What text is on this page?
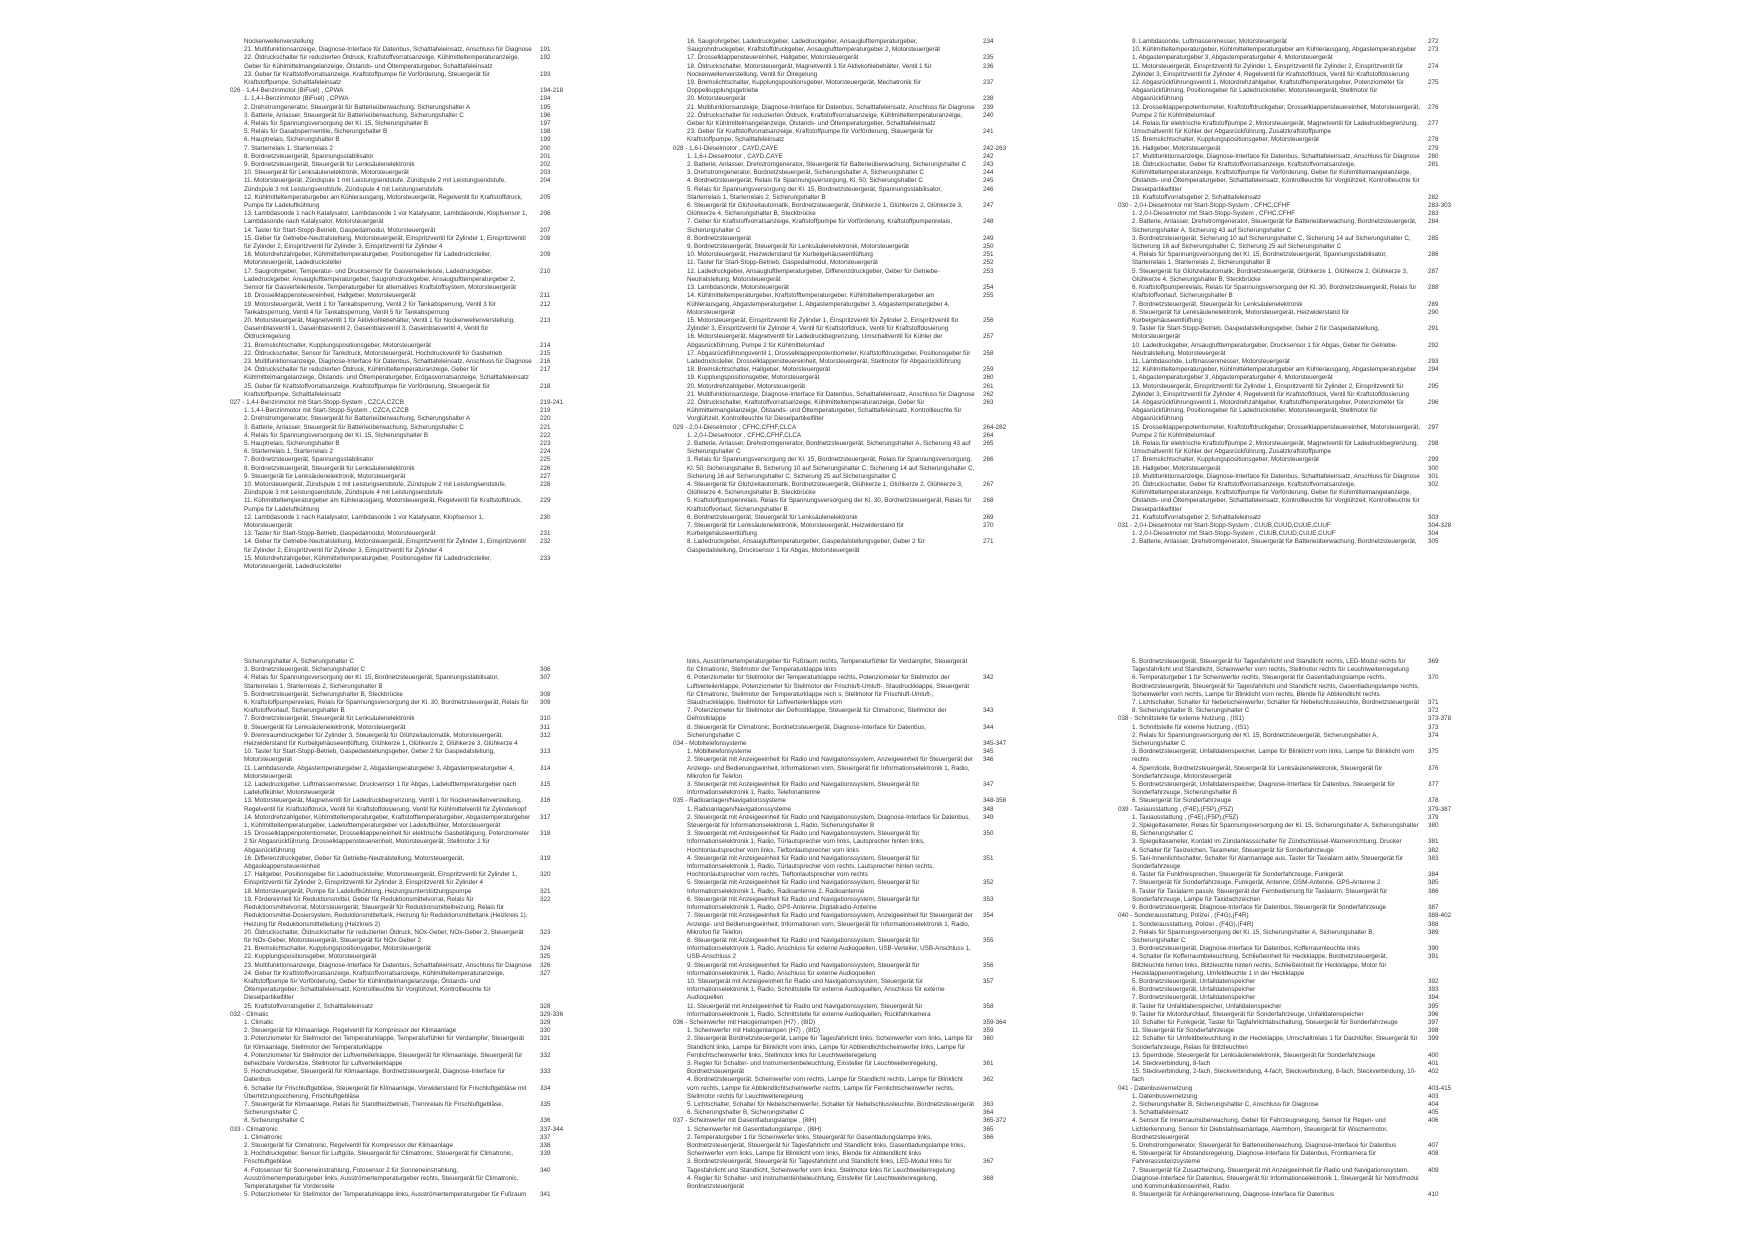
Nockenwellenverstellung
21. Multifunktionsanzeige, Diagnose-Interface für Datenbus, Schalttafeleinsatz, Anschluss für Diagnose 191
22. Öldruckschalter für reduzierten Öldruck, Kraftstoffvorratsanzeige, Kühlmitteltemperaturanzeige, Geber für Kühlmittelmangelanzeige, Ölstands- und Öltemperaturgeber, Schalttafeleinsatz
192
23. Geber für Kraftstoffvorratsanzeige, Kraftstoffpumpe für Vorförderung, Steuergerät für Kraftstoffpumpe, Schalttafeleinsatz
193
026 - 1,4-l-Benzinmotor (BiFuel) , CPWA	194-218
1. 1,4-l-Benzinmotor (BiFuel) , CPWA	194
2. Drehstromgenerator, Steuergerät für Batterieüberwachung, Sicherungshalter A	195
3. Batterie, Anlasser, Steuergerät für Batterieüberwachung, Sicherungshalter C	196
4. Relais für Spannungsversorgung der Kl. 15, Sicherungshalter B	197
5. Relais für Gasabsperrventile, Sicherungshalter B	198
6. Hauptrelais, Sicherungshalter B	199
7. Starterrelais 1, Starterrelais 2	200
8. Bordnetzsteuergerät, Spannungsstabilisator	201
9. Bordnetzsteuergerät, Steuergerät für Lenksäulenelektronik	202
10. Steuergerät für Lenksäulenelektronik, Motorsteuergerät	203
11. Motorsteuergerät, Zündspule 1 mit Leistungsendstufe, Zündspule 2 mit Leistungsendstufe, Zündspule 3 mit Leistungsendstufe, Zündspule 4 mit Leistungsendstufe
204
12. Kühlmitteltemperaturgeber am Kühlerausgang, Motorsteuergerät, Regelventil für Kraftstoffdruck, Pumpe für Ladeluftkühlung
205
13. Lambdasonde 1 nach Katalysator, Lambdasonde 1 vor Katalysator, Lambdasonde, Klopfsensor 1, Lambdasonde nach Katalysator, Motorsteuergerät
206
14. Taster für Start-Stopp-Betrieb, Gaspedalmodul, Motorsteuergerät	207
15. Geber für Getriebe-Neutralstellung, Motorsteuergerät, Einspritzventil für Zylinder 1, Einspritzventil für Zylinder 2, Einspritzventil für Zylinder 3, Einspritzventil für Zylinder 4
208
16. Motordrehzahlgeber, Kühlmitteltemperaturgeber, Positionsgeber für Ladedrucksteller, Motorsteuergerät, Ladedrucksteller
209
17. Saugrohrgeber, Temperatur- und Drucksensor für Gasverteilerleiste, Ladedruckgeber, Ladedruckgeber, Ansauglufttemperaturgeber, Saugrohrdruckgeber, Ansauglufttemperaturgeber 2, Sensor für Gasverteilerleiste, Temperaturgeber für alternatives Kraftstoffsystem, Motorsteuergerät
210
18. Drosselklappensteuereinheit, Hallgeber, Motorsteuergerät	211
19. Motorsteuergerät, Ventil 1 für Tankabsperrung, Ventil 2 für Tankabsperrung, Ventil 3 für Tankabsperrung, Ventil 4 für Tankabsperrung, Ventil 5 für Tankabsperrung
212
20. Motorsteuergerät, Magnetventil 1 für Aktivkohlebehälter, Ventil 1 für Nockenwellenverstellung, Gaseinblasventil 1, Gaseinblasventil 2, Gaseinblasventil 3, Gaseinblasventil 4, Ventil für Öldruckregelung
213
21. Bremslichtschalter, Kupplungspositionsgeber, Motorsteuergerät	214
22. Öldruckschalter, Sensor für Tankdruck, Motorsteuergerät, Hochdruckventil für Gasbetrieb	215
23. Multifunktionsanzeige, Diagnose-Interface für Datenbus, Schalttafeleinsatz, Anschluss für Diagnose 216
24. Öldruckschalter für reduzierten Öldruck, Kühlmitteltemperaturanzeige, Geber für Kühlmittelmangelanzeige, Ölstands- und Öltemperaturgeber, Erdgasvorratsanzeige, Schalttafeleinsatz
217
25. Geber für Kraftstoffvorratsanzeige, Kraftstoffpumpe für Vorförderung, Steuergerät für Kraftstoffpumpe, Schalttafeleinsatz
218
027 - 1,4-l-Benzinmotor mit Start-Stopp-System , CZCA,CZCB	219-241
1. 1,4-l-Benzinmotor mit Start-Stopp-System , CZCA,CZCB	219
2. Drehstromgenerator, Steuergerät für Batterieüberwachung, Sicherungshalter A	220
3. Batterie, Anlasser, Steuergerät für Batterieüberwachung, Sicherungshalter C	221
4. Relais für Spannungsversorgung der Kl. 15, Sicherungshalter B	222
5. Hauptrelais, Sicherungshalter B	223
6. Starterrelais 1, Starterrelais 2	224
7. Bordnetzsteuergerät, Spannungsstabilisator	225
8. Bordnetzsteuergerät, Steuergerät für Lenksäulenelektronik	226
9. Steuergerät für Lenksäulenelektronik, Motorsteuergerät	227
10. Motorsteuergerät, Zündspule 1 mit Leistungsendstufe, Zündspule 2 mit Leistungsendstufe, Zündspule 3 mit Leistungsendstufe, Zündspule 4 mit Leistungsendstufe
228
11. Kühlmitteltemperaturgeber am Kühlerausgang, Motorsteuergerät, Regelventil für Kraftstoffdruck, Pumpe für Ladeluftkühlung
229
12. Lambdasonde 1 nach Katalysator, Lambdasonde 1 vor Katalysator, Klopfsensor 1, Motorsteuergerät
230
13. Taster für Start-Stopp-Betrieb, Gaspedalmodul, Motorsteuergerät	231
14. Geber für Getriebe-Neutralstellung, Motorsteuergerät, Einspritzventil für Zylinder 1, Einspritzventil für Zylinder 2, Einspritzventil für Zylinder 3, Einspritzventil für Zylinder 4
232
15. Motordrehzahlgeber, Kühlmitteltemperaturgeber, Positionsgeber für Ladedrucksteller, Motorsteuergerät, Ladedrucksteller
233
16. Saugrohrgeber, Ladedruckgeber, Ladedruckgeber, Ansauglufttemperaturgeber, Saugrohrdruckgeber, Kraftstoffdruckgeber, Ansauglufttemperaturgeber 2, Motorsteuergerät
234
17. Drosselklappensteuereinheit, Hallgeber, Motorsteuergerät	235
18. Öldruckschalter, Motorsteuergerät, Magnetventil 1 für Aktivkohlebehälter, Ventil 1 für Nockenwellenverstellung, Ventil für Ölregelung
236
19. Bremslichtschalter, Kupplungspositionsgeber, Motorsteuergerät, Mechatronik für Doppelkupplungsgetriebe
237
20. Motorsteuergerät	238
21. Multifunktionsanzeige, Diagnose-Interface für Datenbus, Schalttafeleinsatz, Anschluss für Diagnose 239
22. Öldruckschalter für reduzierten Öldruck, Kraftstoffvorratsanzeige, Kühlmitteltemperaturanzeige, Geber für Kühlmittelmangelanzeige, Ölstands- und Öltemperaturgeber, Schalttafeleinsatz
240
23. Geber für Kraftstoffvorratsanzeige, Kraftstoffpumpe für Vorförderung, Steuergerät für Kraftstoffpumpe, Schalttafeleinsatz
241
028 - 1,6-l-Dieselmotor , CAYD,CAYE	242-263
1. 1,6-l-Dieselmotor , CAYD,CAYE	242
2. Batterie, Anlasser, Drehstromgenerator, Steuergerät für Batterieüberwachung, Sicherungshalter C	243
3. Drehstromgenerator, Bordnetzsteuergerät, Sicherungshalter A, Sicherungshalter C	244
4. Bordnetzsteuergerät, Relais für Spannungsversorgung, Kl. 50, Sicherungshalter C	245
5. Relais für Spannungsversorgung der Kl. 15, Bordnetzsteuergerät, Spannungsstabilisator, Starterrelais 1, Starterrelais 2, Sicherungshalter B
246
6. Steuergerät für Glühzeitautomatik, Bordnetzsteuergerät, Glühkerze 1, Glühkerze 2, Glühkerze 3, Glühkerze 4, Sicherungshalter B, Steckbrücke
247
7. Geber für Kraftstoffvorratsanzeige, Kraftstoffpumpe für Vorförderung, Kraftstoffpumpenrelais, Sicherungshalter C
248
8. Bordnetzsteuergerät	249
9. Bordnetzsteuergerät, Steuergerät für Lenksäulenelektronik, Motorsteuergerät	250
10. Motorsteuergerät, Heizwiderstand für Kurbelgehäuseentlüftung	251
11. Taster für Start-Stopp-Betrieb, Gaspedalmodul, Motorsteuergerät	252
12. Ladedruckgeber, Ansauglufttemperaturgeber, Differenzdruckgeber, Geber für Getriebe-Neutralstellung, Motorsteuergerät
253
13. Lambdasonde, Motorsteuergerät	254
14. Kühlmitteltemperaturgeber, Kraftstofftemperaturgeber, Kühlmitteltemperaturgeber am Kühlerausgang, Abgastemperaturgeber 1, Abgastemperaturgeber 3, Abgastemperaturgeber 4, Motorsteuergerät
255
15. Motorsteuergerät, Einspritzventil für Zylinder 1, Einspritzventil für Zylinder 2, Einspritzventil für Zylinder 3, Einspritzventil für Zylinder 4, Ventil für Kraftstoffdruck, Ventil für Kraftstoffdosierung
256
16. Motorsteuergerät, Magnetventil für Ladedruckbegrenzung, Umschaltventil für Kühler der Abgasrückführung, Pumpe 2 für Kühlmittelumlauf
257
17. Abgasrückführungsventil 1, Drosselklappenpotentiometer, Kraftstoffdruckgeber, Positionsgeber für Ladedrucksteller, Drosselklappensteuereinheit, Motorsteuergerät, Stellmotor für Abgasrückführung
258
18. Bremslichtschalter, Hallgeber, Motorsteuergerät	259
19. Kupplungspositionsgeber, Motorsteuergerät	260
20. Motordrehzahlgeber, Motorsteuergerät	261
21. Multifunktionsanzeige, Diagnose-Interface für Datenbus, Schalttafeleinsatz, Anschluss für Diagnose 262
22. Öldruckschalter, Kraftstoffvorratsanzeige, Kühlmitteltemperaturanzeige, Geber für Kühlmittelmangelanzeige, Ölstands- und Öltemperaturgeber, Schalttafeleinsatz, Kontrollleuchte für Vorglühzeit, Kontrollleuchte für Dieselpartikelfilter
263
029 - 2,0-l-Dieselmotor , CFHC,CFHF,CLCA	264-282
1. 2,0-l-Dieselmotor , CFHC,CFHF,CLCA	264
2. Batterie, Anlasser, Drehstromgenerator, Bordnetzsteuergerät, Sicherungshalter A, Sicherung 43 auf Sicherungshalter C
265
3. Relais für Spannungsversorgung der Kl. 15, Bordnetzsteuergerät, Relais für Spannungsversorgung, Kl. 50, Sicherungshalter B, Sicherung 10 auf Sicherungshalter C, Sicherung 14 auf Sicherungshalter C, Sicherung 16 auf Sicherungshalter C, Sicherung 25 auf Sicherungshalter C
266
4. Steuergerät für Glühzeitautomatik, Bordnetzsteuergerät, Glühkerze 1, Glühkerze 2, Glühkerze 3, Glühkerze 4, Sicherungshalter B, Steckbrücke
267
5. Kraftstoffpumpenrelais, Relais für Spannungsversorgung der Kl. 30, Bordnetzsteuergerät, Relais für Kraftstoffvorlauf, Sicherungshalter B
268
6. Bordnetzsteuergerät, Steuergerät für Lenksäulenelektronik	269
7. Steuergerät für Lenksäulenelektronik, Motorsteuergerät, Heizwiderstand für Kurbelgehäuseentlüftung
270
8. Ladedruckgeber, Ansauglufttemperaturgeber, Gaspedalstellungsgeber, Geber 2 für Gaspedalstellung, Drucksensor 1 für Abgas, Motorsteuergerät
271
9. Lambdasonde, Luftmassenmesser, Motorsteuergerät	272
10. Kühlmitteltemperaturgeber, Kühlmitteltemperaturgeber am Kühlerausgang, Abgastemperaturgeber 1, Abgastemperaturgeber 3, Abgastemperaturgeber 4, Motorsteuergerät
273
11. Motorsteuergerät, Einspritzventil für Zylinder 1, Einspritzventil für Zylinder 2, Einspritzventil für Zylinder 3, Einspritzventil für Zylinder 4, Regelventil für Kraftstoffdruck, Ventil für Kraftstoffdosierung
274
12. Abgasrückführungsventil 1, Motordrehzahlgeber, Kraftstofftemperaturgeber, Potenziometer für Abgasrückführung, Positionsgeber für Ladedrucksteller, Motorsteuergerät, Stellmotor für Abgasrückführung
275
13. Drosselklappenpotentiometer, Kraftstoffdruckgeber, Drosselklappensteuereinheit, Motorsteuergerät, Pumpe 2 für Kühlmittelumlauf
276
14. Relais für elektrische Kraftstoffpumpe 2, Motorsteuergerät, Magnetventil für Ladedruckbegrenzung, Umschaltventil für Kühler der Abgasrückführung, Zusatzkraftstoffpumpe
277
15. Bremslichtschalter, Kupplungspositionsgeber, Motorsteuergerät	278
16. Hallgeber, Motorsteuergerät	279
17. Multifunktionsanzeige, Diagnose-Interface für Datenbus, Schalttafeleinsatz, Anschluss für Diagnose 280
18. Öldruckschalter, Geber für Kraftstoffvorratsanzeige, Kraftstoffvorratsanzeige, Kühlmitteltemperaturanzeige, Kraftstoffpumpe für Vorförderung, Geber für Kühlmittelmangelanzeige, Ölstands- und Öltemperaturgeber, Schalttafeleinsatz, Kontrollleuchte für Vorglühzeit, Kontrollleuchte für Dieselpartikelfilter
281
19. Kraftstoffvorratsgeber 2, Schalttafeleinsatz	282
030 - 2,0-l-Dieselmotor mit Start-Stopp-System , CFHC,CFHF	283-303
1. 2,0-l-Dieselmotor mit Start-Stopp-System , CFHC,CFHF	283
2. Batterie, Anlasser, Drehstromgenerator, Steuergerät für Batterieüberwachung, Bordnetzsteuergerät, Sicherungshalter A, Sicherung 43 auf Sicherungshalter C
284
3. Bordnetzsteuergerät, Sicherung 10 auf Sicherungshalter C, Sicherung 14 auf Sicherungshalter C, Sicherung 16 auf Sicherungshalter C, Sicherung 25 auf Sicherungshalter C
285
4. Relais für Spannungsversorgung der Kl. 15, Bordnetzsteuergerät, Spannungsstabilisator, Starterrelais 1, Starterrelais 2, Sicherungshalter B
286
5. Steuergerät für Glühzeitautomatik, Bordnetzsteuergerät, Glühkerze 1, Glühkerze 2, Glühkerze 3, Glühkerze 4, Sicherungshalter B, Steckbrücke
287
6. Kraftstoffpumpenrelais, Relais für Spannungsversorgung der Kl. 30, Bordnetzsteuergerät, Relais für Kraftstoffvorlauf, Sicherungshalter B
288
7. Bordnetzsteuergerät, Steuergerät für Lenksäulenelektronik	289
8. Steuergerät für Lenksäulenelektronik, Motorsteuergerät, Heizwiderstand für Kurbelgehäuseentlüftung
290
9. Taster für Start-Stopp-Betrieb, Gaspedalstellungsgeber, Geber 2 für Gaspedalstellung, Motorsteuergerät
291
10. Ladedruckgeber, Ansauglufttemperaturgeber, Drucksensor 1 für Abgas, Geber für Getriebe-Neutralstellung, Motorsteuergerät
292
11. Lambdasonde, Luftmassenmesser, Motorsteuergerät	293
12. Kühlmitteltemperaturgeber, Kühlmitteltemperaturgeber am Kühlerausgang, Abgastemperaturgeber 1, Abgastemperaturgeber 3, Abgastemperaturgeber 4, Motorsteuergerät
294
13. Motorsteuergerät, Einspritzventil für Zylinder 1, Einspritzventil für Zylinder 2, Einspritzventil für Zylinder 3, Einspritzventil für Zylinder 4, Regelventil für Kraftstoffdruck, Ventil für Kraftstoffdosierung
295
14. Abgasrückführungsventil 1, Motordrehzahlgeber, Kraftstofftemperaturgeber, Potenziometer für Abgasrückführung, Positionsgeber für Ladedrucksteller, Motorsteuergerät, Stellmotor für Abgasrückführung
296
15. Drosselklappenpotentiometer, Kraftstoffdruckgeber, Drosselklappensteuereinheit, Motorsteuergerät, Pumpe 2 für Kühlmittelumlauf
297
16. Relais für elektrische Kraftstoffpumpe 2, Motorsteuergerät, Magnetventil für Ladedruckbegrenzung, Umschaltventil für Kühler der Abgasrückführung, Zusatzkraftstoffpumpe
298
17. Bremslichtschalter, Kupplungspositionsgeber, Motorsteuergerät	299
18. Hallgeber, Motorsteuergerät	300
19. Multifunktionsanzeige, Diagnose-Interface für Datenbus, Schalttafeleinsatz, Anschluss für Diagnose 301
20. Öldruckschalter, Geber für Kraftstoffvorratsanzeige, Kraftstoffvorratsanzeige, Kühlmitteltemperaturanzeige, Kraftstoffpumpe für Vorförderung, Geber für Kühlmittelmangelanzeige, Ölstands- und Öltemperaturgeber, Schalttafeleinsatz, Kontrollleuchte für Vorglühzeit, Kontrollleuchte für Dieselpartikelfilter
302
21. Kraftstoffvorratsgeber 2, Schalttafeleinsatz	303
031 - 2,0-l-Dieselmotor mit Start-Stopp-System , CUUB,CUUD,CUUE,CUUF	304-328
1. 2,0-l-Dieselmotor mit Start-Stopp-System , CUUB,CUUD,CUUE,CUUF	304
2. Batterie, Anlasser, Drehstromgenerator, Steuergerät für Batterieüberwachung, Bordnetzsteuergerät, 305
Sicherungshalter A, Sicherungshalter C
3. Bordnetzsteuergerät, Sicherungshalter C	306
4. Relais für Spannungsversorgung der Kl. 15, Bordnetzsteuergerät, Spannungsstabilisator, Starterrelais 1, Starterrelais 2, Sicherungshalter B
307
5. Bordnetzsteuergerät, Sicherungshalter B, Steckbrücke	308
6. Kraftstoffpumpenrelais, Relais für Spannungsversorgung der Kl. 30, Bordnetzsteuergerät, Relais für Kraftstoffvorlauf, Sicherungshalter B
309
7. Bordnetzsteuergerät, Steuergerät für Lenksäulenelektronik	310
8. Steuergerät für Lenksäulenelektronik, Motorsteuergerät	311
9. Brennraumdruckgeber für Zylinder 3, Steuergerät für Glühzeitautomatik, Motorsteuergerät, Heizwiderstand für Kurbelgehäuseentlüftung, Glühkerze 1, Glühkerze 2, Glühkerze 3, Glühkerze 4
312
10. Taster für Start-Stopp-Betrieb, Gaspedalstellungsgeber, Geber 2 für Gaspedalstellung, Motorsteuergerät
313
11. Lambdasonde, Abgastemperaturgeber 2, Abgastemperaturgeber 3, Abgastemperaturgeber 4, Motorsteuergerät
314
12. Ladedruckgeber, Luftmassenmesser, Drucksensor 1 für Abgas, Ladelufttemperaturgeber nach Ladeluftkühler, Motorsteuergerät
315
13. Motorsteuergerät, Magnetventil für Ladedruckbegrenzung, Ventil 1 für Nockenwellenverstellung, Regelventil für Kraftstoffdruck, Ventil für Kraftstoffdosierung, Ventil für Kühlmittelventil für Zylinderkopf
316
14. Motordrehzahlgeber, Kühlmitteltemperaturgeber, Kraftstofftemperaturgeber, Abgastemperaturgeber 1, Kühlmitteltemperaturgeber, Ladelufttemperaturgeber vor Ladeluftkühler, Motorsteuergerät
317
15. Drosselklappenpotentiometer, Drosselklappeneinheit für elektrische Gasbetätigung, Potenziometer 2 für Abgasrückführung, Drosselklappensteuereinheit, Motorsteuergerät, Stellmotor 2 für Abgasrückführung
318
16. Differenzdruckgeber, Geber für Getriebe-Neutralstellung, Motorsteuergerät, Abgasklappensteuereinheit
319
17. Hallgeber, Positionsgeber für Ladedrucksteller, Motorsteuergerät, Einspritzventil für Zylinder 1, Einspritzventil für Zylinder 2, Einspritzventil für Zylinder 3, Einspritzventil für Zylinder 4
320
18. Motorsteuergerät, Pumpe für Ladeluftkühlung, Heizungsunterstützungspumpe	321
19. Fördereinheit für Reduktionsmittel, Geber für Reduktionsmittelvorrat, Relais für Reduktionsmittelvorrat, Motorsteuergerät, Steuergerät für Reduktionsmittelheizung, Relais für Reduktionsmittel-Dosiersystem, Reduktionsmitteltank, Heizung für Reduktionsmitteltank (Heizkreis 1), Heizung für Reduktionsmittelleitung (Heizkreis 2)
322
20. Öldruckschalter, Öldruckschalter für reduzierten Öldruck, NOx-Geber, NOx-Geber 2, Steuergerät für NOx-Geber, Motorsteuergerät, Steuergerät für NOx-Geber 2
323
21. Bremslichtschalter, Kupplungspositionsgeber, Motorsteuergerät	324
22. Kupplungspositionsgeber, Motorsteuergerät	325
23. Multifunktionsanzeige, Diagnose-Interface für Datenbus, Schalttafeleinsatz, Anschluss für Diagnose 326
24. Geber für Kraftstoffvorratsanzeige, Kraftstoffvorratsanzeige, Kühlmitteltemperaturanzeige, Kraftstoffpumpe für Vorförderung, Geber für Kühlmittelmangelanzeige, Ölstands- und Öltemperaturgeber, Schalttafeleinsatz, Kontrollleuchte für Vorglühzeit, Kontrollleuchte für Dieselpartikelfilter
327
25. Kraftstoffvorratsgeber 2, Schalttafeleinsatz	328
032 - Climatic	329-336
1. Climatic	329
2. Steuergerät für Klimaanlage, Regelventil für Kompressor der Klimaanlage	330
3. Potenziometer für Stellmotor der Temperaturklappe, Temperaturfühler für Verdampfer, Steuergerät für Klimaanlage, Stellmotor der Temperaturklappe
331
4. Potenziometer für Stellmotor der Luftverteilerklappe, Steuergerät für Klimaanlage, Steuergerät für beheizbare Vordersitze, Stellmotor für Luftverteilerklappe
332
5. Hochdruckgeber, Steuergerät für Klimaanlage, Bordnetzsteuergerät, Diagnose-Interface für Datenbus
333
6. Schalter für Frischluftgebläse, Steuergerät für Klimaanlage, Vorwiderstand für Frischluftgebläse mit Überhitzungssicherung, Frischluftgebläse
334
7. Steuergerät für Klimaanlage, Relais für Standheizbetrieb, Trennrelais für Frischluftgebläse, Sicherungshalter C
335
8. Sicherungshalter C	336
033 - Climatronic	337-344
1. Climatronic	337
2. Steuergerät für Climatronic, Regelventil für Kompressor der Klimaanlage	338
3. Hochdruckgeber, Sensor für Luftgüte, Steuergerät für Climatronic, Steuergerät für Climatronic, Frischluftgebläse
339
4. Fotosensor für Sonneneinstrahlung, Fotosensor 2 für Sonneneinstrahlung, Ausströmertemperaturgeber links, Ausströmertemperaturgeber rechts, Steuergerät für Climatronic, Temperaturgeber für Vorderseite
340
5. Potenziometer für Stellmotor der Temperaturklappe links, Ausströmertemperaturgeber für Fußraum 341
links, Ausströmertemperaturgeber für Fußraum rechts, Temperaturfühler für Verdampfer, Steuergerät für Climatronic, Stellmotor der Temperaturklappe links
6. Potenziometer für Stellmotor der Temperaturklappe rechts, Potenziometer für Stellmotor der Luftverteilerklappe, Potenziometer für Stellmotor der Frischluft-Umluft-, Staudruckklappe, Steuergerät für Climatronic, Stellmotor der Temperaturklappe rech s, Stellmotor für Frischluft-Umluft-, Staudruckklappe, Stellmotor für Luftverteilerklappe vorn
342
7. Potenziometer für Stellmotor der Defrostklappe, Steuergerät für Climatronic, Stellmotor der Defrostklappe
343
8. Steuergerät für Climatronic, Bordnetzsteuergerät, Diagnose-Interface für Datenbus, Sicherungshalter C
344
034 - Mobiltelefonsysteme	345-347
1. Mobiltelefonsysteme	345
2. Steuergerät mit Anzeigeeinheit für Radio und Navigationssystem, Anzeigeeinheit für Steuergerät der Anzeige- und Bedienungseinheit, Informationen vorn, Steuergerät für Informationselektronik 1, Radio, Mikrofon für Telefon
346
3. Steuergerät mit Anzeigeeinheit für Radio und Navigationssystem, Steuergerät für Informationselektronik 1, Radio, Telefonantenne
347
035 - Radioanlagen/Navigationssysteme	348-358
1. Radioanlagen/Navigationssysteme	348
2. Steuergerät mit Anzeigeeinheit für Radio und Navigationssystem, Diagnose-Interface für Datenbus, Steuergerät für Informationselektronik 1, Radio, Sicherungshalter B
349
3. Steuergerät mit Anzeigeeinheit für Radio und Navigationssystem, Steuergerät für Informationselektronik 1, Radio, Türlautsprecher vorn links, Lautsprecher hinten links, Hochtonlautsprecher vorn links, Tieftonlautsprecher vorn links
350
4. Steuergerät mit Anzeigeeinheit für Radio und Navigationssystem, Steuergerät für Informationselektronik 1, Radio, Türlautsprecher vorn rechts, Lautsprecher hinten rechts, Hochtonlautsprecher vorn rechts, Tieftonlautsprecher vorn rechts
351
5. Steuergerät mit Anzeigeeinheit für Radio und Navigationssystem, Steuergerät für Informationselektronik 1, Radio, Radioantenne 2, Radioantenne
352
6. Steuergerät mit Anzeigeeinheit für Radio und Navigationssystem, Steuergerät für Informationselektronik 1, Radio, GPS-Antenne, Digitalradio-Antenne
353
7. Steuergerät mit Anzeigeeinheit für Radio und Navigationssystem, Anzeigeeinheit für Steuergerät der Anzeige- und Bedienungseinheit, Informationen vorn, Steuergerät für Informationselektronik 1, Radio, Mikrofon für Telefon
354
8. Steuergerät mit Anzeigeeinheit für Radio und Navigationssystem, Steuergerät für Informationselektronik 1, Radio, Anschluss für externe Audioquellen, USB-Verteiler, USB-Anschluss 1, USB-Anschluss 2
355
9. Steuergerät mit Anzeigeeinheit für Radio und Navigationssystem, Steuergerät für Informationselektronik 1, Radio, Anschluss für externe Audioquellen
356
10. Steuergerät mit Anzeigeeinheit für Radio und Navigationssystem, Steuergerät für Informationselektronik 1, Radio, Schnittstelle für externe Audioquellen, Anschluss für externe Audioquellen
357
11. Steuergerät mit Anzeigeeinheit für Radio und Navigationssystem, Steuergerät für Informationselektronik 1, Radio, Schnittstelle für externe Audioquellen, Rückfahrkamera
358
036 - Scheinwerfer mit Halogenlampen (H7) , (8ID)	359-364
1. Scheinwerfer mit Halogenlampen (H7) , (8ID)	359
2. Steuergerät Bordnetzsteuergerät, Lampe für Tagesfahrlicht links, Scheinwerfer vorn links, Lampe für Standlicht links, Lampe für Blinklicht vorn links, Lampe für Abblendlichtscheinwerfer links, Lampe für Fernlichtscheinwerfer links, Stellmotor links für Leuchtweiteregelung
360
3. Regler für Schalter- und Instrumentenbeleuchtung, Einsteller für Leuchtweitenregelung, Bordnetzsteuergerät
361
4. Bordnetzsteuergerät, Scheinwerfer vorn rechts, Lampe für Standlicht rechts, Lampe für Blinklicht vorn rechts, Lampe für Abblendlichtscheinwerfer rechts, Lampe für Fernlichtscheinwerfer rechts, Stellmotor rechts für Leuchtweiteregelung
362
5. Lichtschalter, Schalter für Nebelscheinwerfer, Schalter für Nebelschlussleuchte, Bordnetzsteuergerät 363
6. Sicherungshalter B, Sicherungshalter C	364
037 - Scheinwerfer mit Gasentladungslampe , (8IH)	365-372
1. Scheinwerfer mit Gasentladungslampe , (8IH)	365
2. Temperaturgeber 1 für Scheinwerfer links, Steuergerät für Gasentladungslampe links, Bordnetzsteuergerät, Steuergerät für Tagesfahrlicht und Standlicht links, Gasentladungslampe links, Scheinwerfer vorn links, Lampe für Blinklicht vorn links, Blende für Abblendlicht links
366
3. Bordnetzsteuergerät, Steuergerät für Tagesfahrlicht und Standlicht links, LED-Modul links für Tagesfahrlicht und Standlicht, Scheinwerfer vorn links, Stellmotor links für Leuchtweitenregelung
367
4. Regler für Schalter- und Instrumentenbeleuchtung, Einsteller für Leuchtweitenregelung, Bordnetzsteuergerät
368
5. Bordnetzsteuergerät, Steuergerät für Tagesfahrlicht und Standlicht rechts, LED-Modul rechts für Tagesfahrlicht und Standlicht, Scheinwerfer vorn rechts, Stellmotor rechts für Leuchtweitenregelung
369
6. Temperaturgeber 1 für Scheinwerfer rechts, Steuergerät für Gasentladungslampe rechts, Bordnetzsteuergerät, Steuergerät für Tagesfahrlicht und Standlicht rechts, Gasentladungslampe rechts, Scheinwerfer vorn rechts, Lampe für Blinklicht vorn rechts, Blende für Abblendlicht rechts
370
7. Lichtschalter, Schalter für Nebelscheinwerfer, Schalter für Nebelschlussleuchte, Bordnetzsteuergerät 371
8. Sicherungshalter B, Sicherungshalter C	372
038 - Schnittstelle für externe Nutzung , (IS1)	373-378
1. Schnittstelle für externe Nutzung , (IS1)	373
2. Relais für Spannungsversorgung der Kl. 15, Bordnetzsteuergerät, Sicherungshalter A, Sicherungshalter C
374
3. Bordnetzsteuergerät, Unfalldatenspeicher, Lampe für Blinklicht vorn links, Lampe für Blinklicht vorn rechts
375
4. Sperrdiode, Bordnetzsteuergerät, Steuergerät für Lenksäulenelektronik, Steuergerät für Sonderfahrzeuge, Motorsteuergerät
376
5. Bordnetzsteuergerät, Unfalldatenspeicher, Diagnose-Interface für Datenbus, Steuergerät für Sonderfahrzeuge, Sicherungshalter B
377
6. Steuergerät für Sonderfahrzeuge	378
039 - Taxiausstattung , (F4E),(F5P),(F5Z)	379-387
1. Taxiausstattung , (F4E),(F5P),(F5Z)	379
2. Spiegeltaxameter, Relais für Spannungsversorgung der Kl. 15, Sicherungshalter A, Sicherungshalter B, Sicherungshalter C
380
3. Spiegeltaxameter, Kontakt im Zündanlassschalter für Zündschlüssel-Warneinrichtung, Drucker	381
4. Schalter für Taxizeichen, Taxameter, Steuergerät für Sonderfahrzeuge	382
5. Taxi-Innenlichtschalter, Schalter für Alarmanlage aus, Taster für Taxialarm aktiv, Steuergerät für Sonderfahrzeuge
383
6. Taster für Funkfreisprechen, Steuergerät für Sonderfahrzeuge, Funkgerät	384
7. Steuergerät für Sonderfahrzeuge, Funkgerät, Antenne, GSM-Antenne, GPS-Antenne 2	385
8. Taster für Taxialarm passiv, Steuergerät der Fernbedienung für Taxialarm, Steuergerät für Sonderfahrzeuge, Lampe für Taxidachzeichen
386
9. Bordnetzsteuergerät, Diagnose-Interface für Datenbus, Steuergerät für Sonderfahrzeuge	387
040 - Sonderausstattung, Polizei , (F4G),(F4R)	388-402
1. Sonderausstattung, Polizei , (F4G),(F4R)	388
2. Relais für Spannungsversorgung der Kl. 15, Sicherungshalter A, Sicherungshalter B, Sicherungshalter C
389
3. Bordnetzsteuergerät, Diagnose-Interface für Datenbus, Kofferraumleuchte links	390
4. Schalter für Kofferraumbeleuchtung, Schließeinheit für Heckklappe, Bordnetzsteuergerät, Blitzleuchte hinten links, Blitzleuchte hinten rechts, Schließeinheit für Heckklappe, Motor für Heckklappenentriegelung, Umfeldleuchte 1 in der Heckklappe
391
5. Bordnetzsteuergerät, Unfalldatenspeicher	392
6. Bordnetzsteuergerät, Unfalldatenspeicher	393
7. Bordnetzsteuergerät, Unfalldatenspeicher	394
8. Taster für Unfalldatenspeicher, Unfalldatenspeicher	395
9. Taster für Motordurchlauf, Steuergerät für Sonderfahrzeuge, Unfalldatenspeicher	396
10. Schalter für Funkgerät, Taster für Tagfahrlichtabschaltung, Steuergerät für Sonderfahrzeuge	397
11. Steuergerät für Sonderfahrzeuge	398
12. Schalter für Umfeldbeleuchtung in der Heckklappe, Umschaltrelais 1 für Dachlüfter, Steuergerät für Sonderfahrzeuge, Relais für Blitzleuchten
399
13. Sperrdiode, Steuergerät für Lenksäulenelektronik, Steuergerät für Sonderfahrzeuge	400
14. Steckverbindung, 8-fach	401
15. Steckverbindung, 2-fach, Steckverbindung, 4-fach, Steckverbindung, 8-fach, Steckverbindung, 10-fach
402
041 - Datenbusvernetzung	403-415
1. Datenbusvernetzung	403
2. Sicherungshalter B, Sicherungshalter C, Anschluss für Diagnose	404
3. Schalttafeleinsatz	405
4. Sensor für Innenraumüberwachung, Geber für Fahrzeugneigung, Sensor für Regen- und Lichterkennung, Sensor für Diebstahlwarnanlage, Alarmhorn, Steuergerät für Wischermotor, Bordnetzsteuergerät
406
5. Drehstromgenerator, Steuergerät für Batterieüberwachung, Diagnose-Interface für Datenbus	407
6. Steuergerät für Abstandsregelung, Diagnose-Interface für Datenbus, Frontkamera für Fahrerassistenzsysteme
408
7. Steuergerät für Zusatzheizung, Steuergerät mit Anzeigeeinheit für Radio und Navigationssystem, Diagnose-Interface für Datenbus, Steuergerät für Informationselektronik 1, Steuergerät für Notrufmodul und Kommunikationseinheit, Radio
409
8. Steuergerät für Anhängererkennung, Diagnose-Interface für Datenbus	410
